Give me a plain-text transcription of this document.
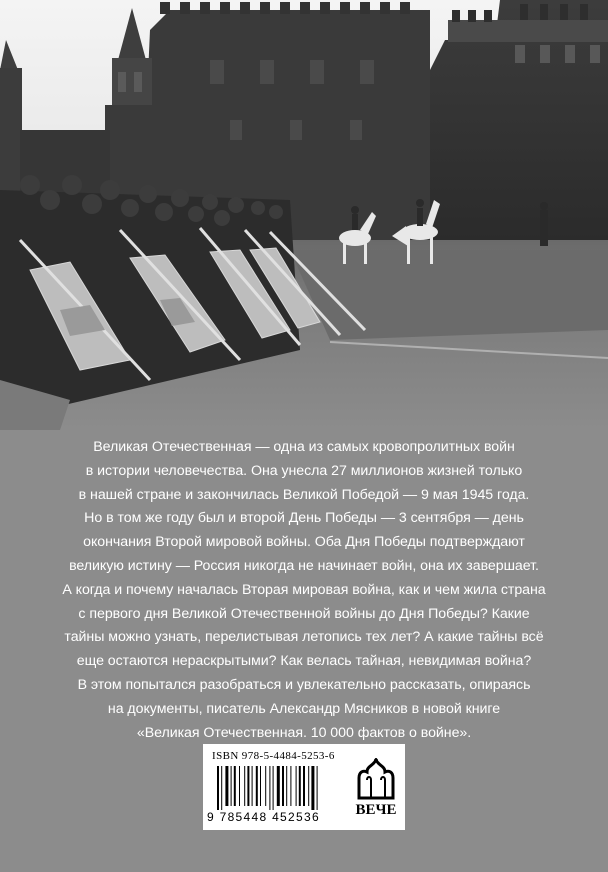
Великая Отечественная — одна из самых кровопролитных войн
в истории человечества. Она унесла 27 миллионов жизней только
в нашей стране и закончилась Великой Победой — 9 мая 1945 года.
Но в том же году был и второй День Победы — 3 сентября — день
окончания Второй мировой войны. Оба Дня Победы подтверждают
великую истину — Россия никогда не начинает войн, она их завершает.
А когда и почему началась Вторая мировая война, как и чем жила страна
с первого дня Великой Отечественной войны до Дня Победы? Какие
тайны можно узнать, перелистывая летопись тех лет? А какие тайны всё
еще остаются нераскрытыми? Как велась тайная, невидимая война?
В этом попытался разобраться и увлекательно рассказать, опираясь
на документы, писатель Александр Мясников в новой книге
«Великая Отечественная. 10 000 фактов о войне».
ISBN 978-5-4484-5253-6
9 785448 452536 ВЕЧЕ
